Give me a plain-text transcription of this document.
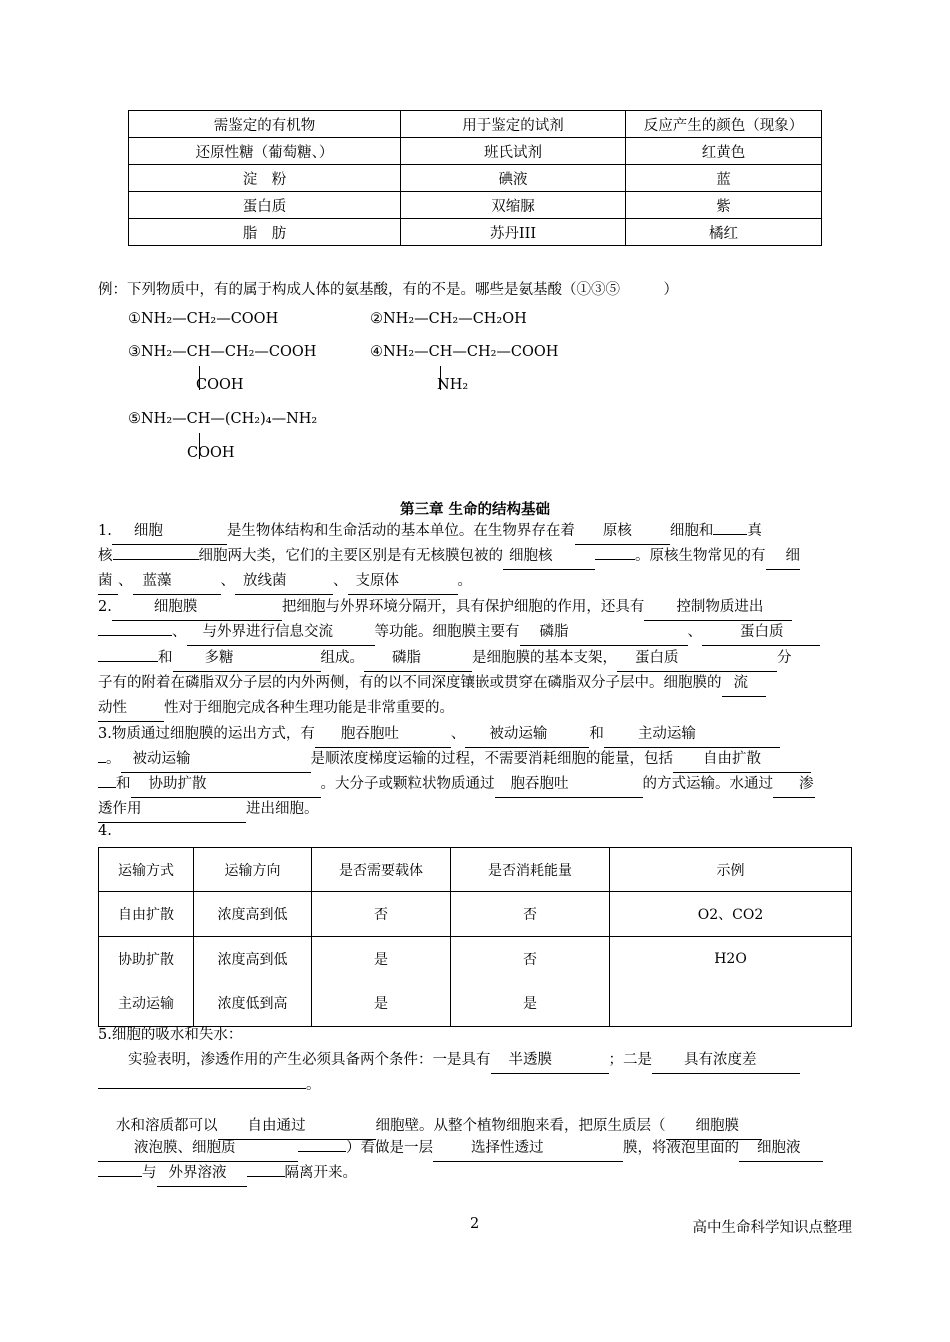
需鉴定的有机物	用于鉴定的试剂	反应产生的颜色（现象）
还原性糖（葡萄糖、）	班氏试剂	红黄色
淀　粉	碘液	蓝
蛋白质	双缩脲	紫
脂　肪	苏丹III	橘红
例：下列物质中，有的属于构成人体的氨基酸，有的不是。哪些是氨基酸（①③⑤　　　）
①NH₂—CH₂—COOH	②NH₂—CH₂—CH₂OH
③NH₂—CH—CH₂—COOH
COOH
④NH₂—CH—CH₂—COOH
NH₂
⑤NH₂—CH—(CH₂)₄—NH₂
COOH
第三章 生命的结构基础
1. 细胞	是生物体结构和生命活动的基本单位。在生物界存在着 原核	细胞和 真
核	细胞两大类，它们的主要区别是有无核膜包被的 细胞核	。原核生物常见的有 细
菌 、 蓝藻	、 放线菌	、 支原体	。
2.	细胞膜	把细胞与外界环境分隔开，具有保护细胞的作用，还具有 控制物质进出
、 与外界进行信息交流	等功能。细胞膜主要有 磷脂	、	蛋白质
和 多糖	组成。 磷脂	是细胞膜的基本支架， 蛋白质	分
子有的附着在磷脂双分子层的内外两侧，有的以不同深度镶嵌或贯穿在磷脂双分子层中。细胞膜的 流
动性	性对于细胞完成各种生理功能是非常重要的。
3.物质通过细胞膜的运出方式，有 胞吞胞吐	、 被动运输	和 主动运输
。 被动运输	是顺浓度梯度运输的过程，不需要消耗细胞的能量，包括 自由扩散
和 协助扩散	。大分子或颗粒状物质通过 胞吞胞吐	的方式运输。水通过 渗
透作用	进出细胞。
4.
运输方式	运输方向	是否需要载体	是否消耗能量	示例
自由扩散	浓度高到低	否	否	O2、CO2
协助扩散	浓度高到低	是	否	H2O
主动运输	浓度低到高	是	是	
5.细胞的吸水和失水：
实验表明，渗透作用的产生必须具备两个条件：一是具有 半透膜	；二是 具有浓度差
。
水和溶质都可以 自由通过	细胞壁。从整个植物细胞来看，把原生质层（ 细胞膜
液泡膜、细胞质	）看做是一层	选择性透过	膜，将液泡里面的 细胞液
与 外界溶液	隔离开来。
2	高中生命科学知识点整理
